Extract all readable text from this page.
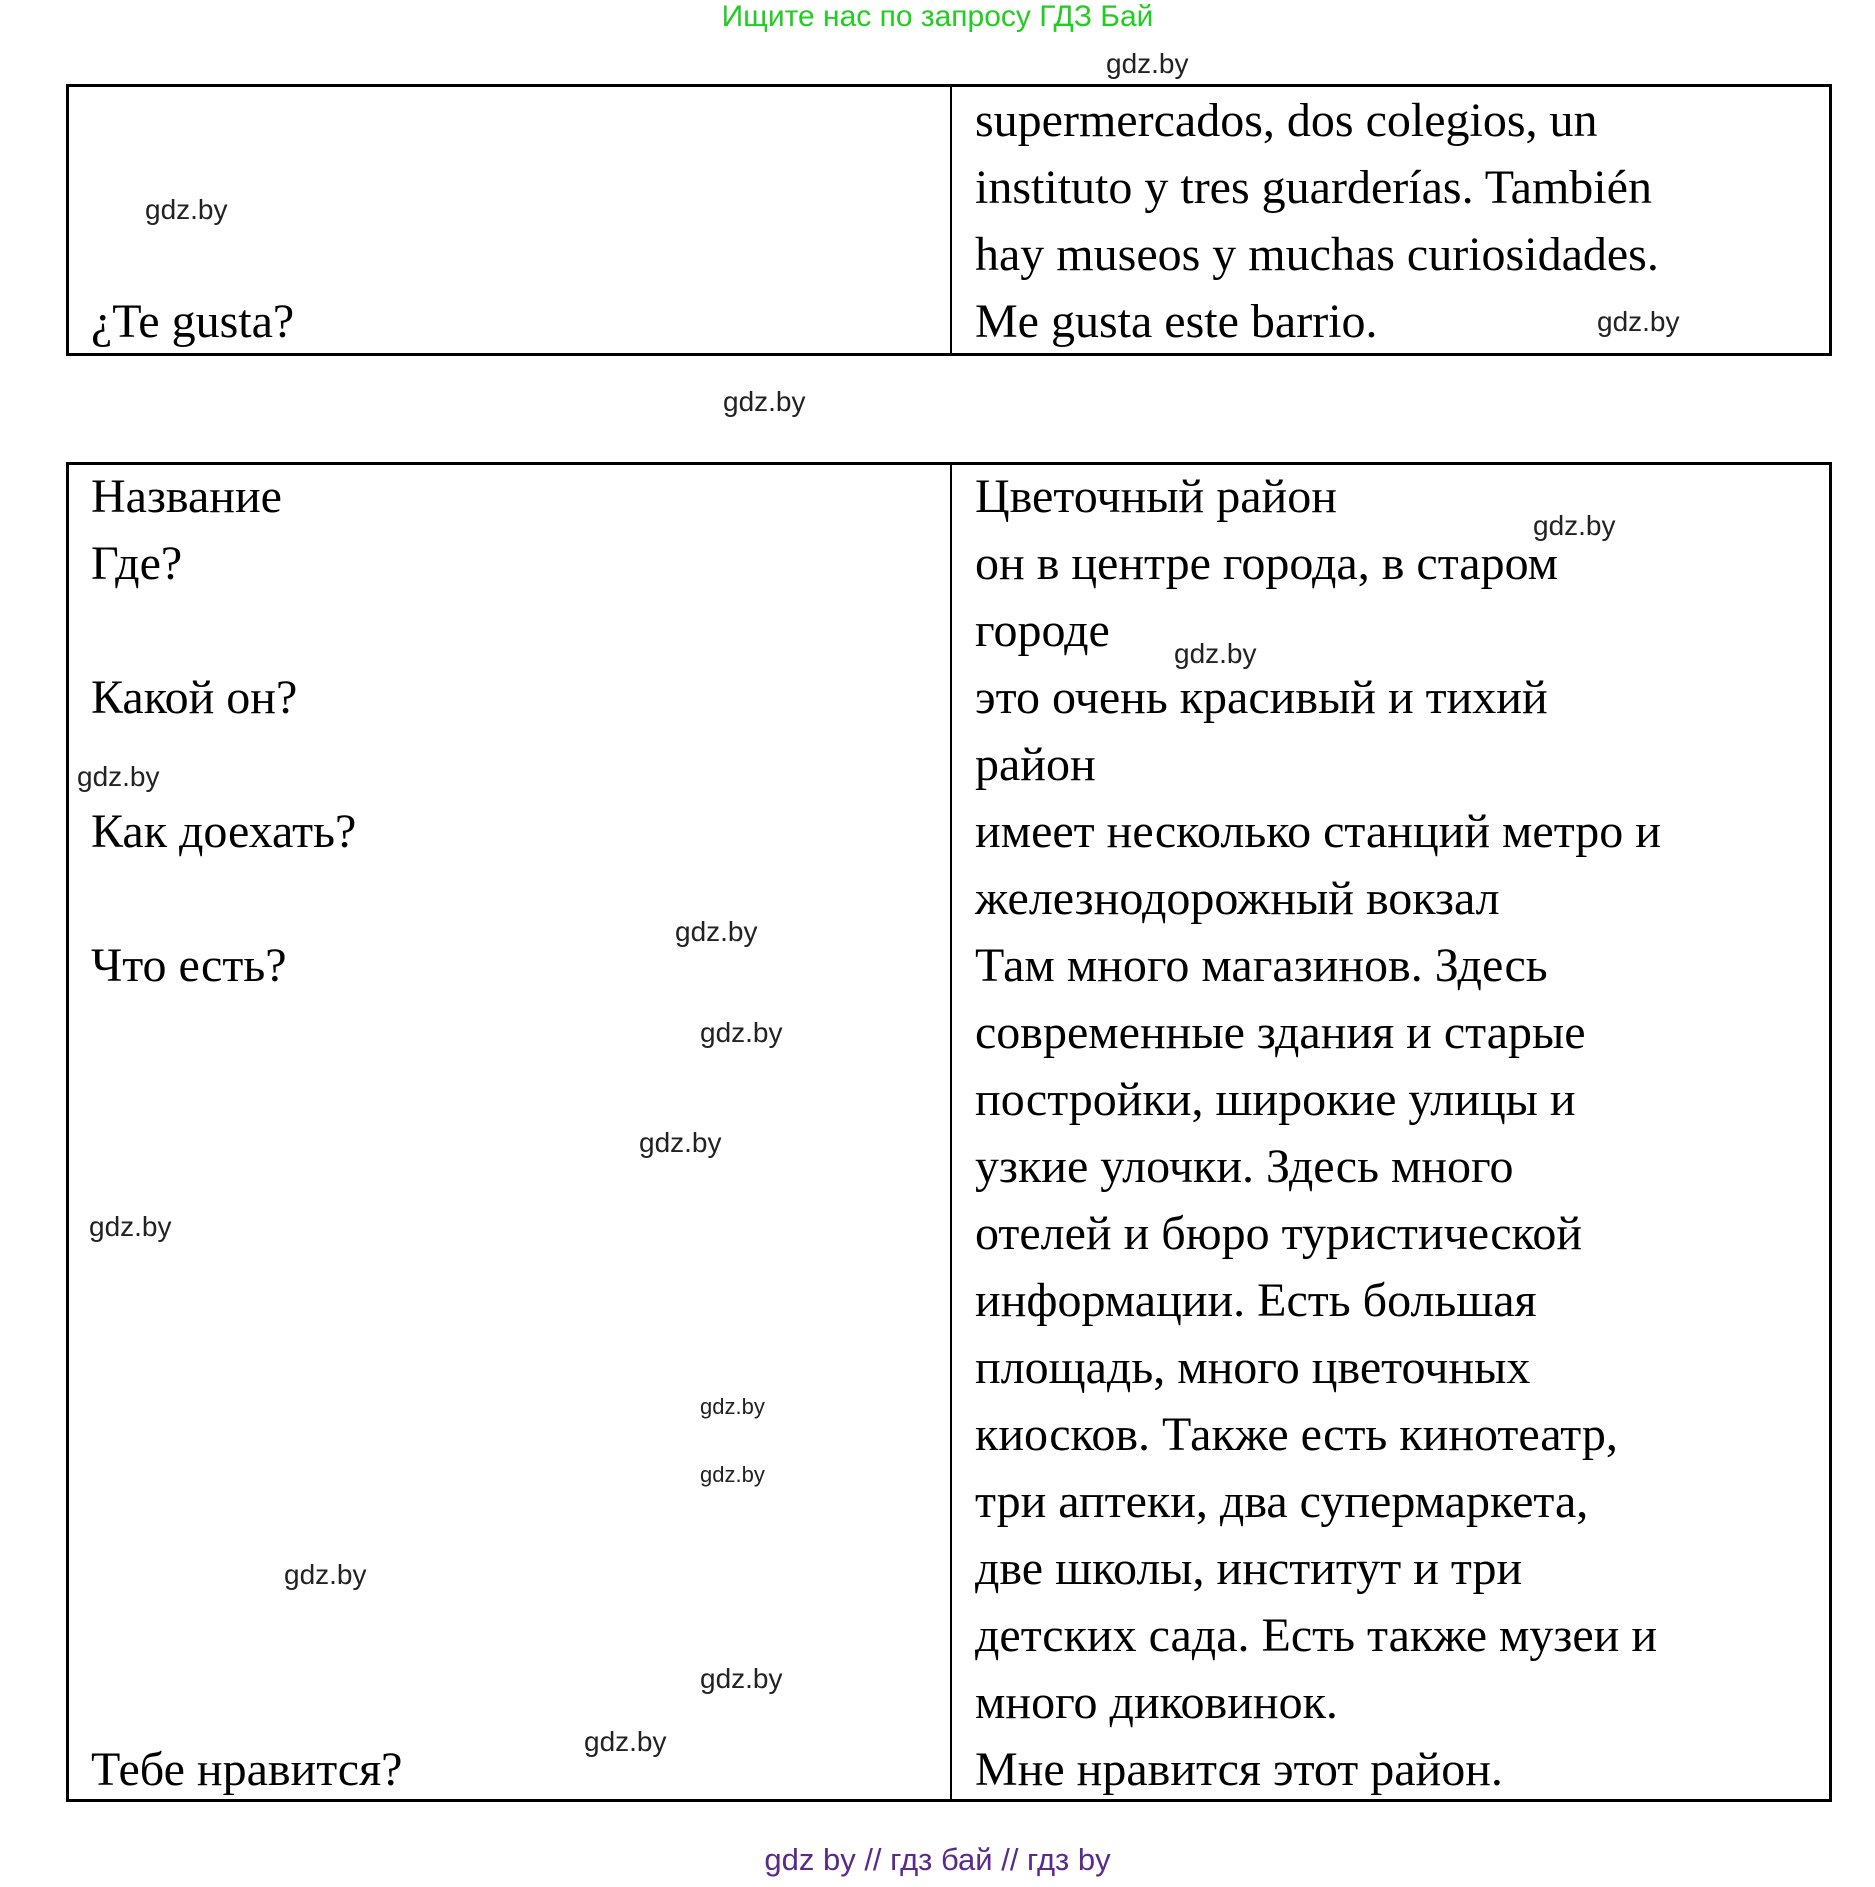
Ищите нас по запросу ГДЗ Бай
¿Te gusta?
supermercados, dos colegios, un
instituto y tres guarderías. También
hay museos y muchas curiosidades.
Me gusta este barrio.
Название
Где?
Какой он?
Как доехать?
Что есть?
Тебе нравится?
Цветочный район
он в центре города, в старом
городе
это очень красивый и тихий
район
имеет несколько станций метро и
железнодорожный вокзал
Там много магазинов. Здесь
современные здания и старые
постройки, широкие улицы и
узкие улочки. Здесь много
отелей и бюро туристической
информации. Есть большая
площадь, много цветочных
киосков. Также есть кинотеатр,
три аптеки, два супермаркета,
две школы, институт и три
детских сада. Есть также музеи и
много диковинок.
Мне нравится этот район.
gdz by // гдз бай // гдз by
gdz.by
gdz.by
gdz.by
gdz.by
gdz.by
gdz.by
gdz.by
gdz.by
gdz.by
gdz.by
gdz.by
gdz.by
gdz.by
gdz.by
gdz.by
gdz.by
